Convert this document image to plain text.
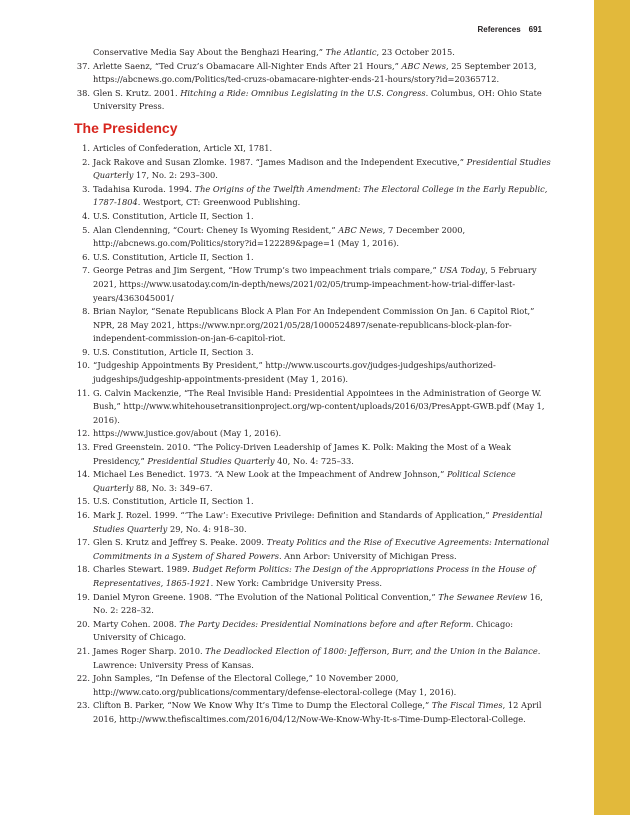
References 691

Conservative Media Say About the Benghazi Hearing,” The Atlantic, 23 October 2015.

37. Arlette Saenz, “Ted Cruz’s Obamacare All-Nighter Ends After 21 Hours,” ABC News, 25 September 2013, https://abcnews.go.com/Politics/ted-cruzs-obamacare-nighter-ends-21-hours/story?id=20365712.

38. Glen S. Krutz. 2001. Hitching a Ride: Omnibus Legislating in the U.S. Congress. Columbus, OH: Ohio State University Press.

The Presidency

1. Articles of Confederation, Article XI, 1781.

2. Jack Rakove and Susan Zlomke. 1987. “James Madison and the Independent Executive,” Presidential Studies Quarterly 17, No. 2: 293–300.

3. Tadahisa Kuroda. 1994. The Origins of the Twelfth Amendment: The Electoral College in the Early Republic, 1787-1804. Westport, CT: Greenwood Publishing.

4. U.S. Constitution, Article II, Section 1.

5. Alan Clendenning, “Court: Cheney Is Wyoming Resident,” ABC News, 7 December 2000, http://abcnews.go.com/Politics/story?id=122289&page=1 (May 1, 2016).

6. U.S. Constitution, Article II, Section 1.

7. George Petras and Jim Sergent, “How Trump’s two impeachment trials compare,” USA Today, 5 February 2021, https://www.usatoday.com/in-depth/news/2021/02/05/trump-impeachment-how-trial-differ-last-years/4363045001/

8. Brian Naylor, “Senate Republicans Block A Plan For An Independent Commission On Jan. 6 Capitol Riot,” NPR, 28 May 2021, https://www.npr.org/2021/05/28/1000524897/senate-republicans-block-plan-for-independent-commission-on-jan-6-capitol-riot.

9. U.S. Constitution, Article II, Section 3.

10. “Judgeship Appointments By President,” http://www.uscourts.gov/judges-judgeships/authorized-judgeships/judgeship-appointments-president (May 1, 2016).

11. G. Calvin Mackenzie, “The Real Invisible Hand: Presidential Appointees in the Administration of George W. Bush,” http://www.whitehousetransitionproject.org/wp-content/uploads/2016/03/PresAppt-GWB.pdf (May 1, 2016).

12. https://www.justice.gov/about (May 1, 2016).

13. Fred Greenstein. 2010. “The Policy-Driven Leadership of James K. Polk: Making the Most of a Weak Presidency,” Presidential Studies Quarterly 40, No. 4: 725–33.

14. Michael Les Benedict. 1973. “A New Look at the Impeachment of Andrew Johnson,” Political Science Quarterly 88, No. 3: 349–67.

15. U.S. Constitution, Article II, Section 1.

16. Mark J. Rozel. 1999. “‘The Law’: Executive Privilege: Definition and Standards of Application,” Presidential Studies Quarterly 29, No. 4: 918–30.

17. Glen S. Krutz and Jeffrey S. Peake. 2009. Treaty Politics and the Rise of Executive Agreements: International Commitments in a System of Shared Powers. Ann Arbor: University of Michigan Press.

18. Charles Stewart. 1989. Budget Reform Politics: The Design of the Appropriations Process in the House of Representatives, 1865-1921. New York: Cambridge University Press.

19. Daniel Myron Greene. 1908. “The Evolution of the National Political Convention,” The Sewanee Review 16, No. 2: 228–32.

20. Marty Cohen. 2008. The Party Decides: Presidential Nominations before and after Reform. Chicago: University of Chicago.

21. James Roger Sharp. 2010. The Deadlocked Election of 1800: Jefferson, Burr, and the Union in the Balance. Lawrence: University Press of Kansas.

22. John Samples, “In Defense of the Electoral College,” 10 November 2000, http://www.cato.org/publications/commentary/defense-electoral-college (May 1, 2016).

23. Clifton B. Parker, “Now We Know Why It’s Time to Dump the Electoral College,” The Fiscal Times, 12 April 2016, http://www.thefiscaltimes.com/2016/04/12/Now-We-Know-Why-It-s-Time-Dump-Electoral-College.
